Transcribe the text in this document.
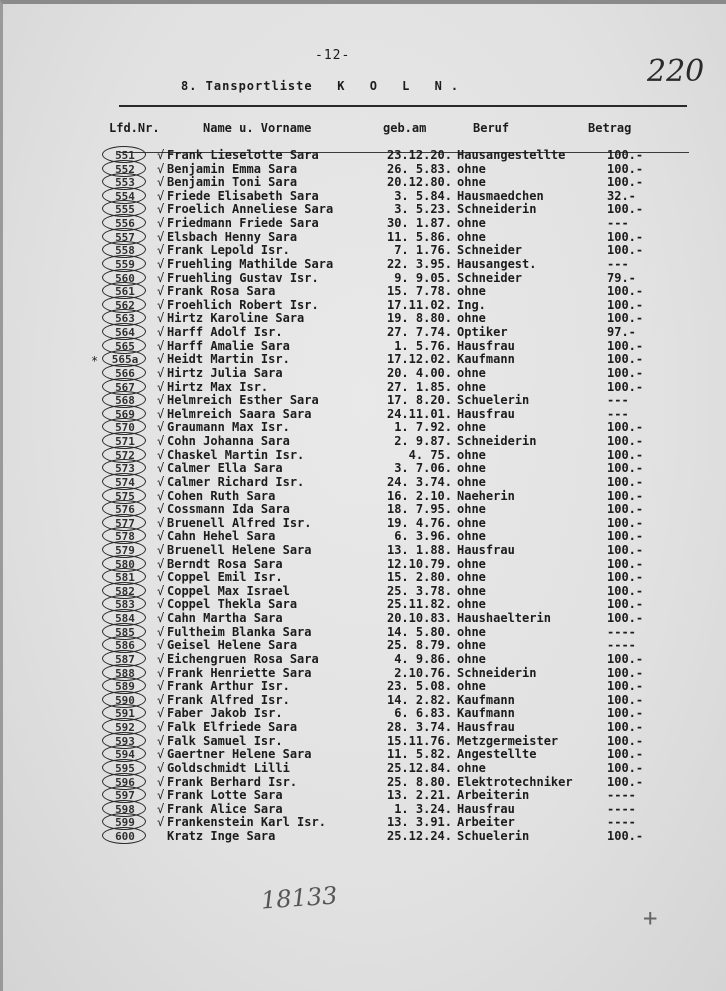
-12-
8. Tansportliste K O L N.	220
Lfd.Nr.	Name u. Vorname	geb.am	Beruf	Betrag
*
551	√ Frank Lieselotte Sara	23.12.20. Hausangestellte	100.-
552	√ Benjamin Emma Sara	26. 5.83. ohne	100.-
553	√ Benjamin Toni Sara	20.12.80. ohne	100.-
554	√ Friede Elisabeth Sara	3. 5.84. Hausmaedchen	32.-
555	√ Froelich Anneliese Sara	3. 5.23. Schneiderin	100.-
556	√ Friedmann Friede Sara	30. 1.87. ohne	---
557	√ Elsbach Henny Sara	11. 5.86. ohne	100.-
558	√ Frank Lepold Isr.	7. 1.76. Schneider	100.-
559	√ Fruehling Mathilde Sara	22. 3.95. Hausangest.	---
560	√ Fruehling Gustav Isr.	9. 9.05. Schneider	79.-
561	√ Frank Rosa Sara	15. 7.78. ohne	100.-
562	√ Froehlich Robert Isr.	17.11.02. Ing.	100.-
563	√ Hirtz Karoline Sara	19. 8.80. ohne	100.-
564	√ Harff Adolf Isr.	27. 7.74. Optiker	97.-
565	√ Harff Amalie Sara	1. 5.76. Hausfrau	100.-
565a	√ Heidt Martin Isr.	17.12.02. Kaufmann	100.-
566	√ Hirtz Julia Sara	20. 4.00. ohne	100.-
567	√ Hirtz Max Isr.	27. 1.85. ohne	100.-
568	√ Helmreich Esther Sara	17. 8.20. Schuelerin	---
569	√ Helmreich Saara Sara	24.11.01. Hausfrau	---
570	√ Graumann Max Isr.	1. 7.92. ohne	100.-
571	√ Cohn Johanna Sara	2. 9.87. Schneiderin	100.-
572	√ Chaskel Martin Isr.	4. 75. ohne	100.-
573	√ Calmer Ella Sara	3. 7.06. ohne	100.-
574	√ Calmer Richard Isr.	24. 3.74. ohne	100.-
575	√ Cohen Ruth Sara	16. 2.10. Naeherin	100.-
576	√ Cossmann Ida Sara	18. 7.95. ohne	100.-
577	√ Bruenell Alfred Isr.	19. 4.76. ohne	100.-
578	√ Cahn Hehel Sara	6. 3.96. ohne	100.-
579	√ Bruenell Helene Sara	13. 1.88. Hausfrau	100.-
580	√ Berndt Rosa Sara	12.10.79. ohne	100.-
581	√ Coppel Emil Isr.	15. 2.80. ohne	100.-
582	√ Coppel Max Israel	25. 3.78. ohne	100.-
583	√ Coppel Thekla Sara	25.11.82. ohne	100.-
584	√ Cahn Martha Sara	20.10.83. Haushaelterin	100.-
585	√ Fultheim Blanka Sara	14. 5.80. ohne	----
586	√ Geisel Helene Sara	25. 8.79. ohne	----
587	√ Eichengruen Rosa Sara	4. 9.86. ohne	100.-
588	√ Frank Henriette Sara	2.10.76. Schneiderin	100.-
589	√ Frank Arthur Isr.	23. 5.08. ohne	100.-
590	√ Frank Alfred Isr.	14. 2.82. Kaufmann	100.-
591	√ Faber Jakob Isr.	6. 6.83. Kaufmann	100.-
592	√ Falk Elfriede Sara	28. 3.74. Hausfrau	100.-
593	√ Falk Samuel Isr.	15.11.76. Metzgermeister	100.-
594	√ Gaertner Helene Sara	11. 5.82. Angestellte	100.-
595	√ Goldschmidt Lilli	25.12.84. ohne	100.-
596	√ Frank Berhard Isr.	25. 8.80. Elektrotechniker	100.-
597	√ Frank Lotte Sara	13. 2.21. Arbeiterin	----
598	√ Frank Alice Sara	1. 3.24. Hausfrau	----
599	√ Frankenstein Karl Isr.	13. 3.91. Arbeiter	----
600	Kratz Inge Sara	25.12.24. Schuelerin	100.-
18133
+
